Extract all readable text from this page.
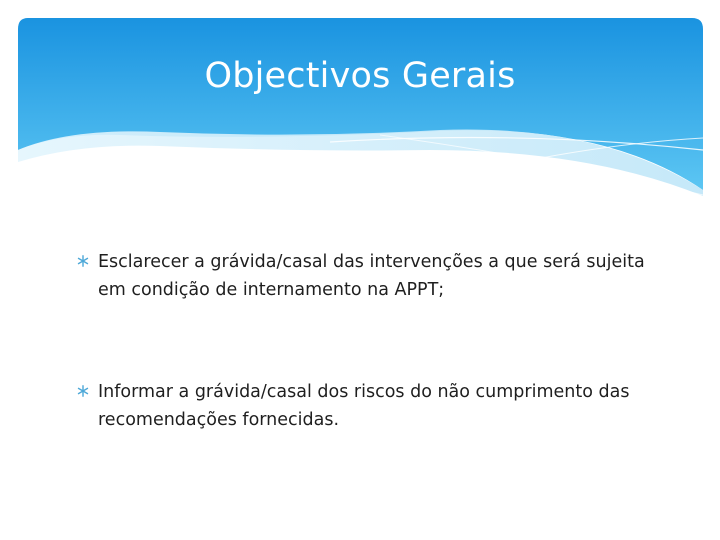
Objectivos Gerais
Esclarecer a grávida/casal das intervenções a que será sujeita em condição de internamento na APPT;
Informar a grávida/casal dos riscos do não cumprimento das recomendações fornecidas.
